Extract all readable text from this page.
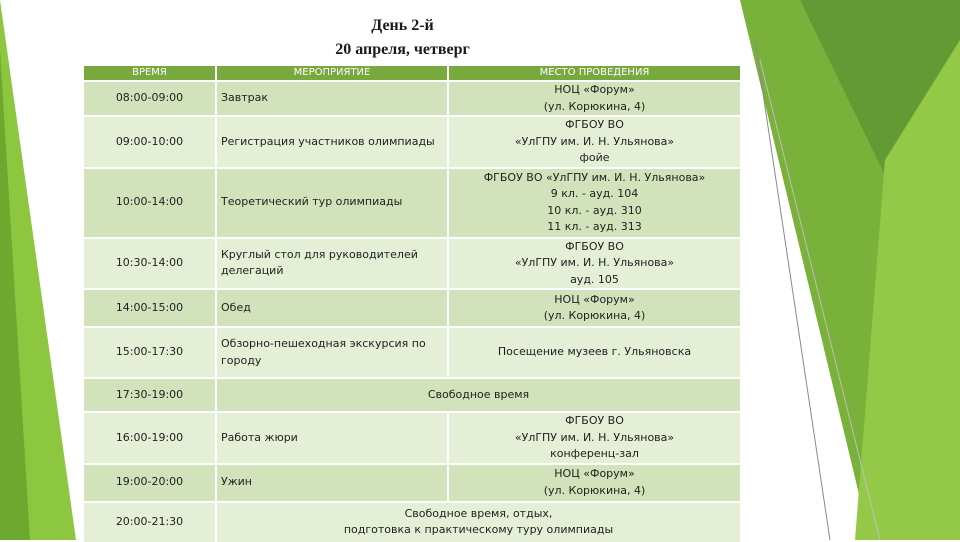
День 2-й
20 апреля, четверг
ВРЕМЯ	МЕРОПРИЯТИЕ	МЕСТО ПРОВЕДЕНИЯ
08:00-09:00	Завтрак	НОЦ «Форум»
(ул. Корюкина, 4)

09:00-10:00	Регистрация участников олимпиады	ФГБОУ ВО
«УлГПУ им. И. Н. Ульянова»
фойе

10:00-14:00	Теоретический тур олимпиады	ФГБОУ ВО «УлГПУ им. И. Н. Ульянова»
9 кл. - ауд. 104
10 кл. - ауд. 310
11 кл. - ауд. 313

10:30-14:00	Круглый стол для руководителей делегаций	ФГБОУ ВО
«УлГПУ им. И. Н. Ульянова»
ауд. 105

14:00-15:00	Обед	НОЦ «Форум»
(ул. Корюкина, 4)

15:00-17:30	Обзорно-пешеходная экскурсия по городу	Посещение музеев г. Ульяновска

17:30-19:00	Свободное время	

16:00-19:00	Работа жюри	ФГБОУ ВО
«УлГПУ им. И. Н. Ульянова»
конференц-зал

19:00-20:00	Ужин	НОЦ «Форум»
(ул. Корюкина, 4)

20:00-21:30	Свободное время, отдых,
подготовка к практическому туру олимпиады	
